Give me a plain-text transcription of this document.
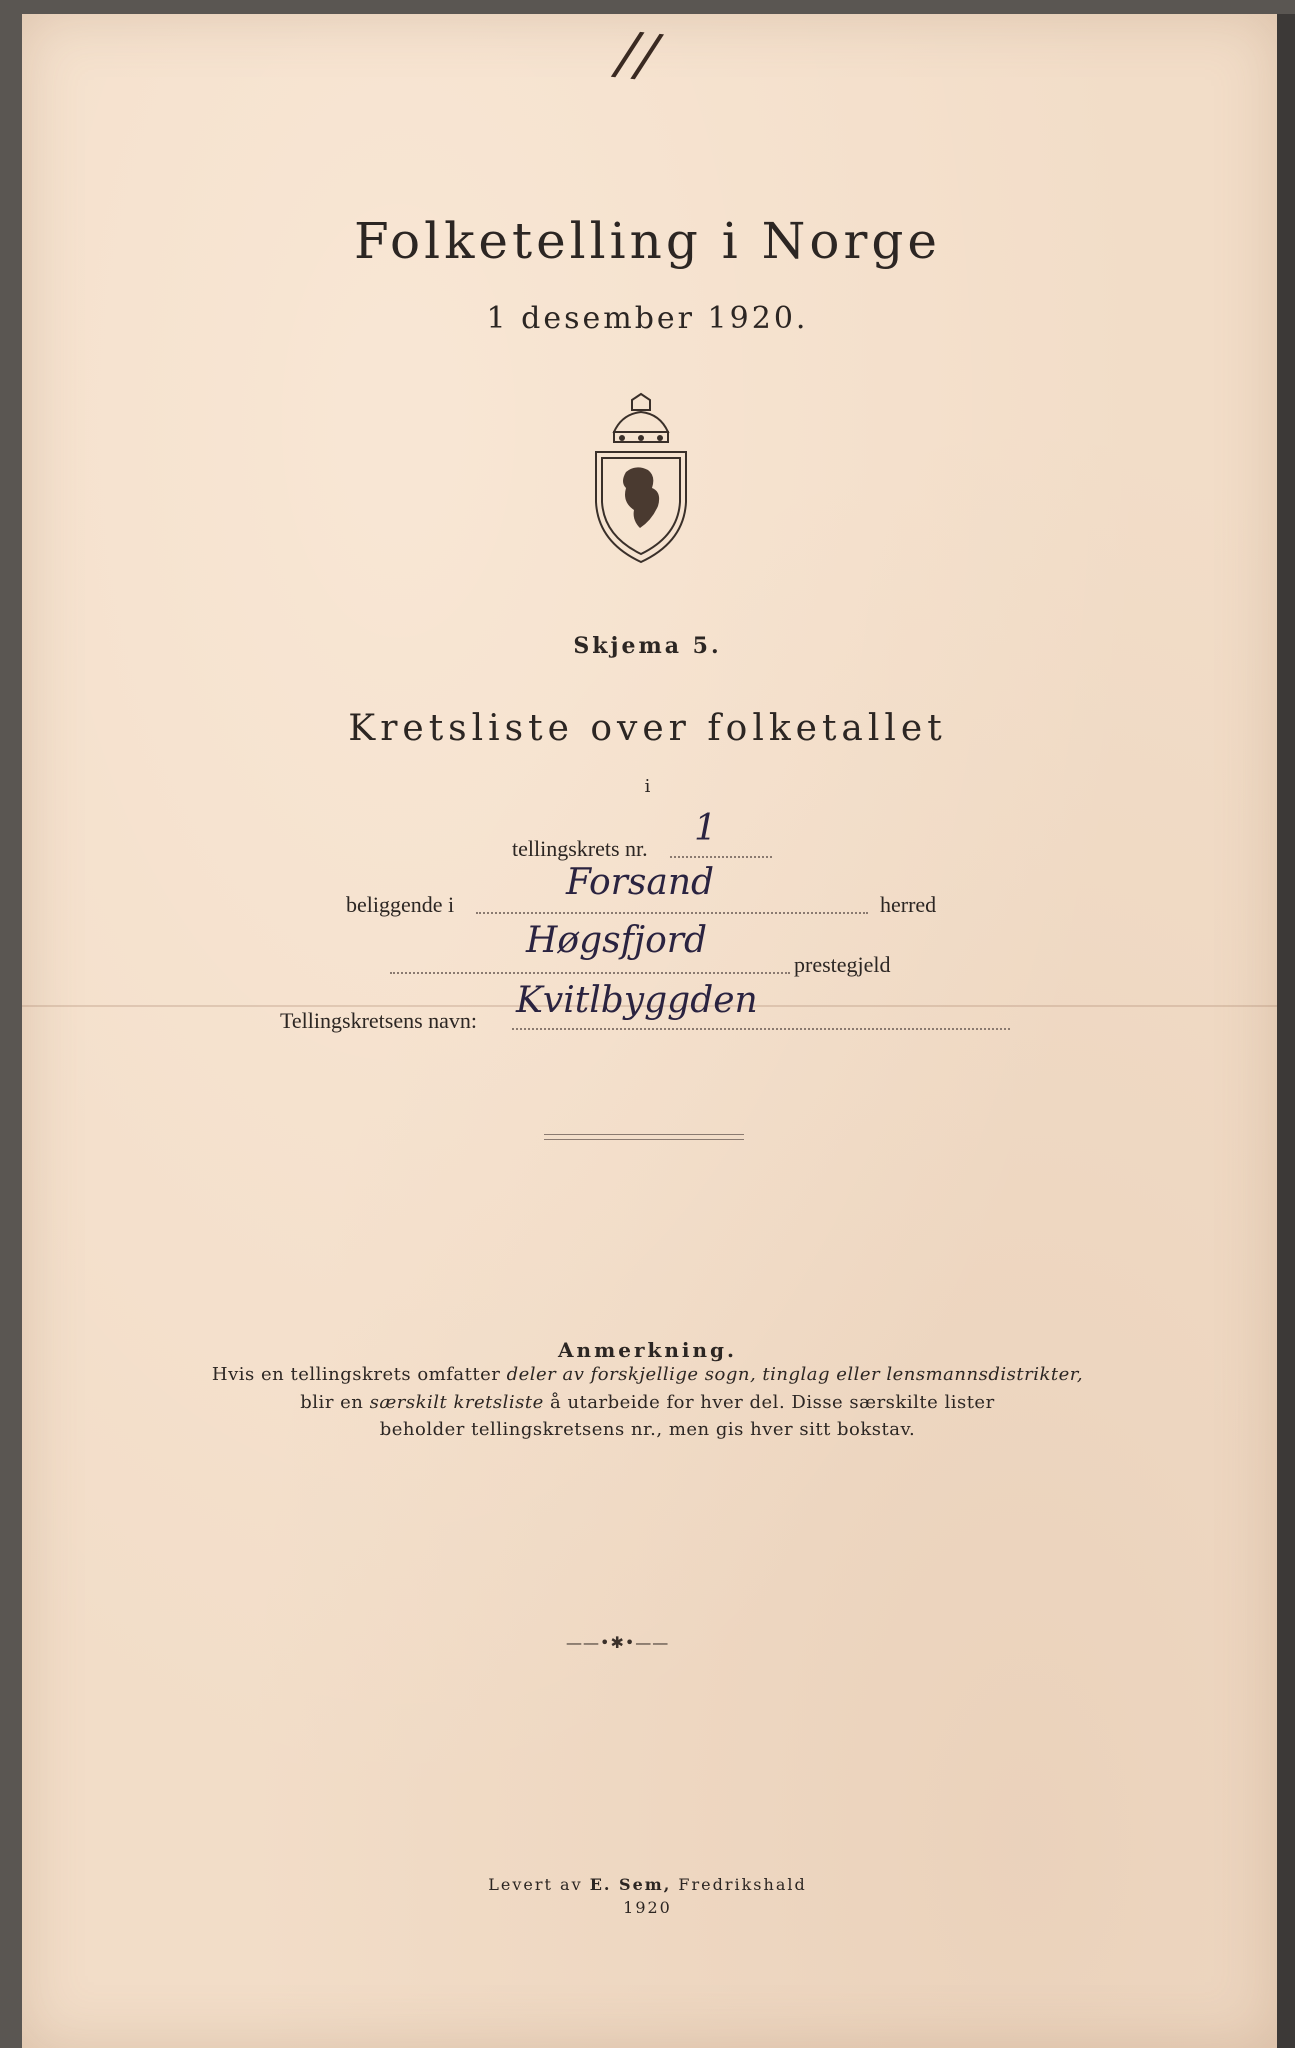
//
Folketelling i Norge
1 desember 1920.
Skjema 5.
Kretsliste over folketallet
i
tellingskrets nr. 1
beliggende i
Forsand
herred
Høgsfjord
prestegjeld
Tellingskretsens navn: Kvitlbyggden
Anmerkning.
Hvis en tellingskrets omfatter deler av forskjellige sogn, tinglag eller lensmannsdistrikter,
blir en særskilt kretsliste å utarbeide for hver del. Disse særskilte lister
beholder tellingskretsens nr., men gis hver sitt bokstav.
——•✱•——
Levert av E. Sem, Fredrikshald
1920
